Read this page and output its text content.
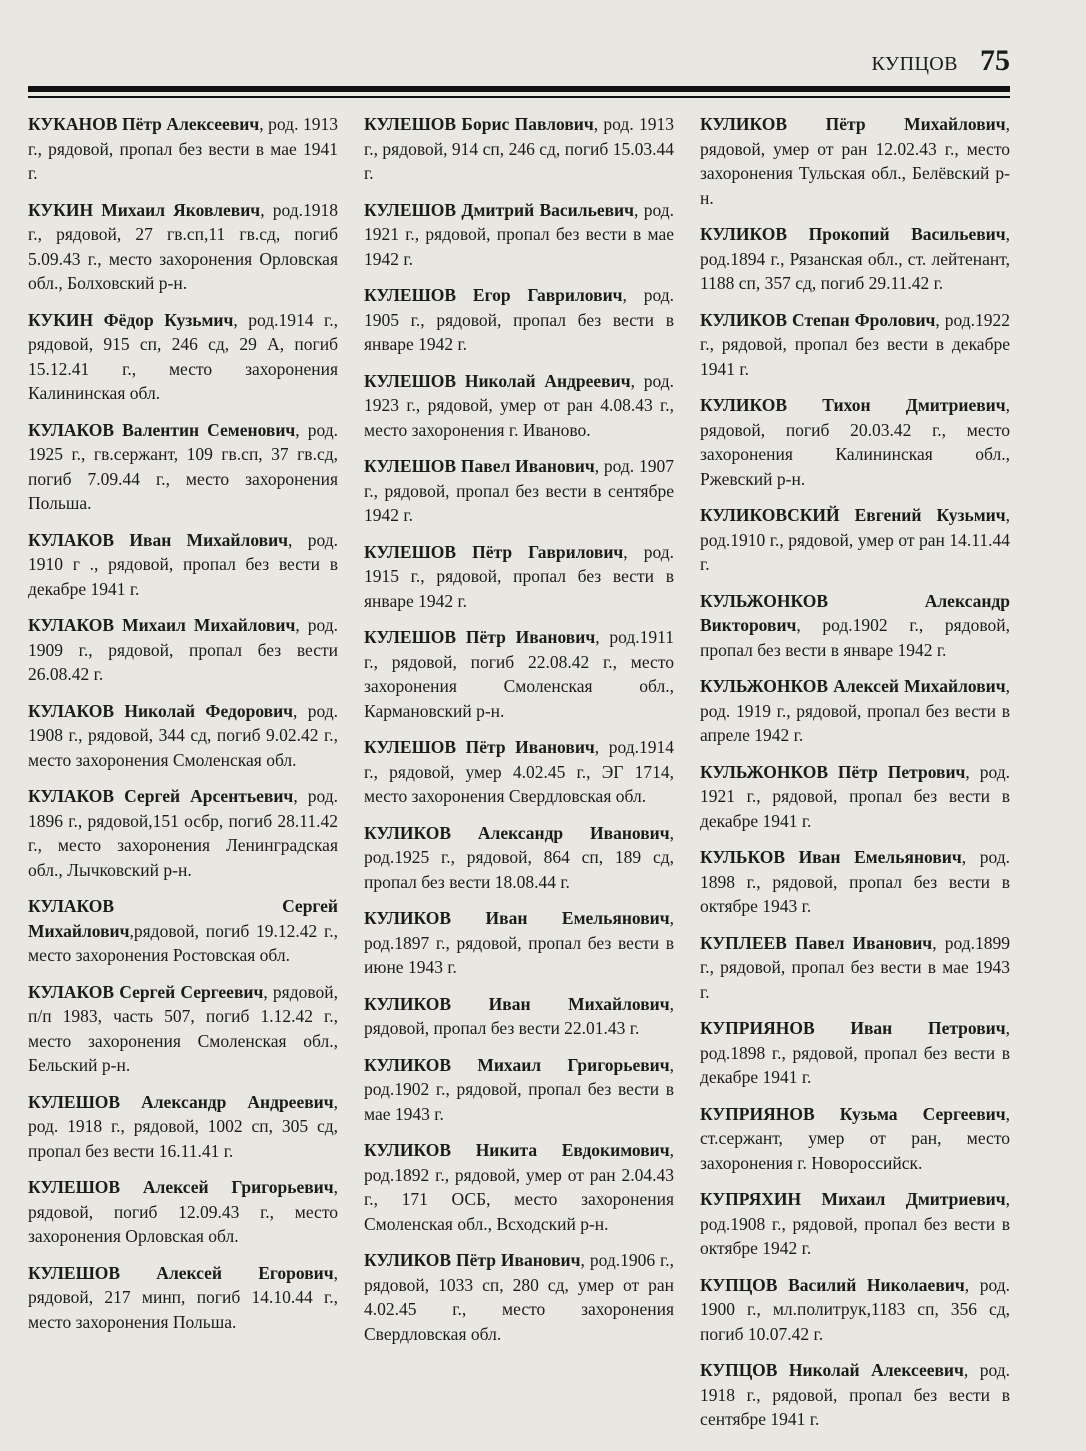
КУПЦОВ 75

КУКАНОВ Пётр Алексеевич, род. 1913 г., рядовой, пропал без вести в мае 1941 г.

КУКИН Михаил Яковлевич, род.1918 г., рядовой, 27 гв.сп,11 гв.сд, погиб 5.09.43 г., место захоронения Орловская обл., Болховский р-н.

КУКИН Фёдор Кузьмич, род.1914 г., рядовой, 915 сп, 246 сд, 29 А, погиб 15.12.41 г., место захоронения Калининская обл.

КУЛАКОВ Валентин Семенович, род. 1925 г., гв.сержант, 109 гв.сп, 37 гв.сд, погиб 7.09.44 г., место захоронения Польша.

КУЛАКОВ Иван Михайлович, род. 1910 г ., рядовой, пропал без вести в декабре 1941 г.

КУЛАКОВ Михаил Михайлович, род. 1909 г., рядовой, пропал без вести 26.08.42 г.

КУЛАКОВ Николай Федорович, род. 1908 г., рядовой, 344 сд, погиб 9.02.42 г., место захоронения Смоленская обл.

КУЛАКОВ Сергей Арсентьевич, род. 1896 г., рядовой,151 осбр, погиб 28.11.42 г., место захоронения Ленинградская обл., Лычковский р-н.

КУЛАКОВ Сергей Михайлович,рядовой, погиб 19.12.42 г., место захоронения Ростовская обл.

КУЛАКОВ Сергей Сергеевич, рядовой, п/п 1983, часть 507, погиб 1.12.42 г., место захоронения Смоленская обл., Бельский р-н.

КУЛЕШОВ Александр Андреевич, род. 1918 г., рядовой, 1002 сп, 305 сд, пропал без вести 16.11.41 г.

КУЛЕШОВ Алексей Григорьевич, рядовой, погиб 12.09.43 г., место захоронения Орловская обл.

КУЛЕШОВ Алексей Егорович, рядовой, 217 минп, погиб 14.10.44 г., место захоронения Польша.

КУЛЕШОВ Борис Павлович, род. 1913 г., рядовой, 914 сп, 246 сд, погиб 15.03.44 г.

КУЛЕШОВ Дмитрий Васильевич, род. 1921 г., рядовой, пропал без вести в мае 1942 г.

КУЛЕШОВ Егор Гаврилович, род. 1905 г., рядовой, пропал без вести в январе 1942 г.

КУЛЕШОВ Николай Андреевич, род. 1923 г., рядовой, умер от ран 4.08.43 г., место захоронения г. Иваново.

КУЛЕШОВ Павел Иванович, род. 1907 г., рядовой, пропал без вести в сентябре 1942 г.

КУЛЕШОВ Пётр Гаврилович, род. 1915 г., рядовой, пропал без вести в январе 1942 г.

КУЛЕШОВ Пётр Иванович, род.1911 г., рядовой, погиб 22.08.42 г., место захоронения Смоленская обл., Кармановский р-н.

КУЛЕШОВ Пётр Иванович, род.1914 г., рядовой, умер 4.02.45 г., ЭГ 1714, место захоронения Свердловская обл.

КУЛИКОВ Александр Иванович, род.1925 г., рядовой, 864 сп, 189 сд, пропал без вести 18.08.44 г.

КУЛИКОВ Иван Емельянович, род.1897 г., рядовой, пропал без вести в июне 1943 г.

КУЛИКОВ Иван Михайлович, рядовой, пропал без вести 22.01.43 г.

КУЛИКОВ Михаил Григорьевич, род.1902 г., рядовой, пропал без вести в мае 1943 г.

КУЛИКОВ Никита Евдокимович, род.1892 г., рядовой, умер от ран 2.04.43 г., 171 ОСБ, место захоронения Смоленская обл., Всходский р-н.

КУЛИКОВ Пётр Иванович, род.1906 г., рядовой, 1033 сп, 280 сд, умер от ран 4.02.45 г., место захоронения Свердловская обл.

КУЛИКОВ Пётр Михайлович, рядовой, умер от ран 12.02.43 г., место захоронения Тульская обл., Белёвский р-н.

КУЛИКОВ Прокопий Васильевич, род.1894 г., Рязанская обл., ст. лейтенант, 1188 сп, 357 сд, погиб 29.11.42 г.

КУЛИКОВ Степан Фролович, род.1922 г., рядовой, пропал без вести в декабре 1941 г.

КУЛИКОВ Тихон Дмитриевич, рядовой, погиб 20.03.42 г., место захоронения Калининская обл., Ржевский р-н.

КУЛИКОВСКИЙ Евгений Кузьмич, род.1910 г., рядовой, умер от ран 14.11.44 г.

КУЛЬЖОНКОВ Александр Викторович, род.1902 г., рядовой, пропал без вести в январе 1942 г.

КУЛЬЖОНКОВ Алексей Михайлович, род. 1919 г., рядовой, пропал без вести в апреле 1942 г.

КУЛЬЖОНКОВ Пётр Петрович, род. 1921 г., рядовой, пропал без вести в декабре 1941 г.

КУЛЬКОВ Иван Емельянович, род. 1898 г., рядовой, пропал без вести в октябре 1943 г.

КУПЛЕЕВ Павел Иванович, род.1899 г., рядовой, пропал без вести в мае 1943 г.

КУПРИЯНОВ Иван Петрович, род.1898 г., рядовой, пропал без вести в декабре 1941 г.

КУПРИЯНОВ Кузьма Сергеевич, ст.сержант, умер от ран, место захоронения г. Новороссийск.

КУПРЯХИН Михаил Дмитриевич, род.1908 г., рядовой, пропал без вести в октябре 1942 г.

КУПЦОВ Василий Николаевич, род. 1900 г., мл.политрук,1183 сп, 356 сд, погиб 10.07.42 г.

КУПЦОВ Николай Алексеевич, род. 1918 г., рядовой, пропал без вести в сентябре 1941 г.
